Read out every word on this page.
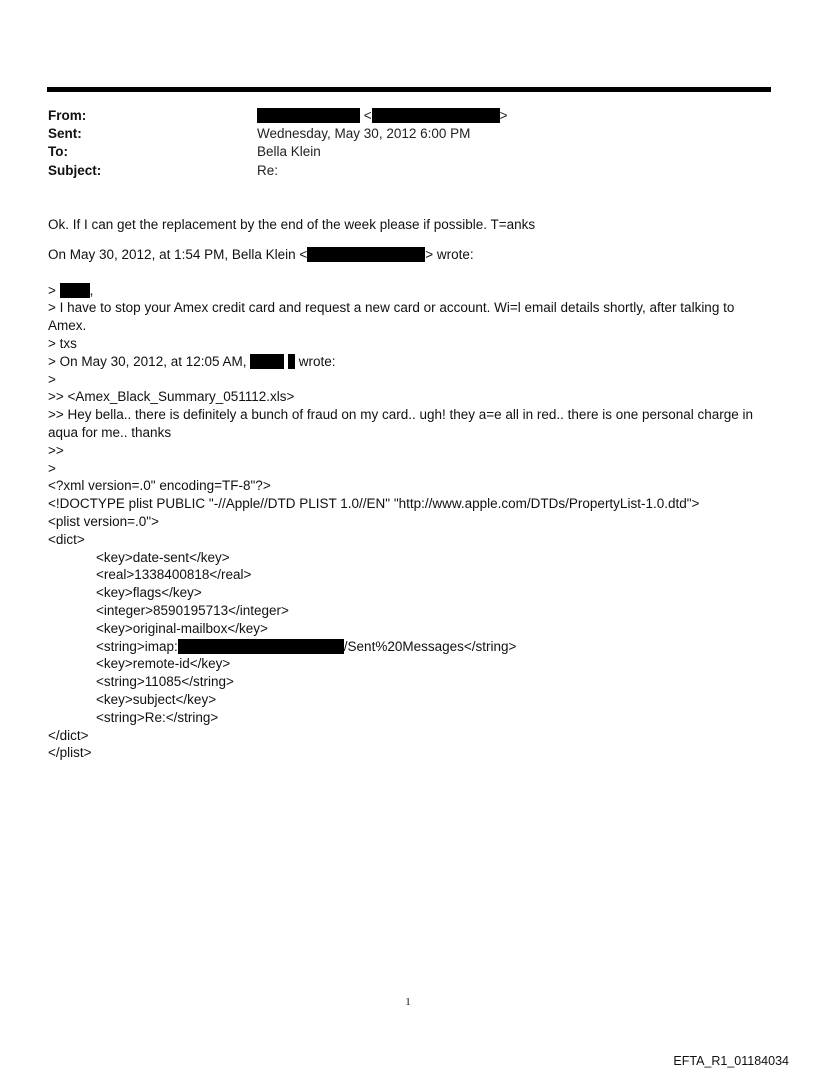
From:	<	>
Sent:	Wednesday, May 30, 2012 6:00 PM
To:	Bella Klein
Subject:	Re:
Ok. If I can get the replacement by the end of the week please if possible. T=anks
On May 30, 2012, at 1:54 PM, Bella Klein <	> wrote:
>	,
> I have to stop your Amex credit card and request a new card or account. Wi=l email details shortly, after talking to Amex.
> txs
> On May 30, 2012, at 12:05 AM,	wrote:
>
>> <Amex_Black_Summary_051112.xls>
>> Hey bella.. there is definitely a bunch of fraud on my card.. ugh! they a=e all in red.. there is one personal charge in aqua for me.. thanks
>>
>
<?xml version=.0" encoding=TF-8"?>
<!DOCTYPE plist PUBLIC "-//Apple//DTD PLIST 1.0//EN" "http://www.apple.com/DTDs/PropertyList-1.0.dtd">
<plist version=.0">
<dict>
<key>date-sent</key>
<real>1338400818</real>
<key>flags</key>
<integer>8590195713</integer>
<key>original-mailbox</key>
<string>imap:	/Sent%20Messages</string>
<key>remote-id</key>
<string>11085</string>
<key>subject</key>
<string>Re:</string>
</dict>
</plist>
1
EFTA_R1_01184034
